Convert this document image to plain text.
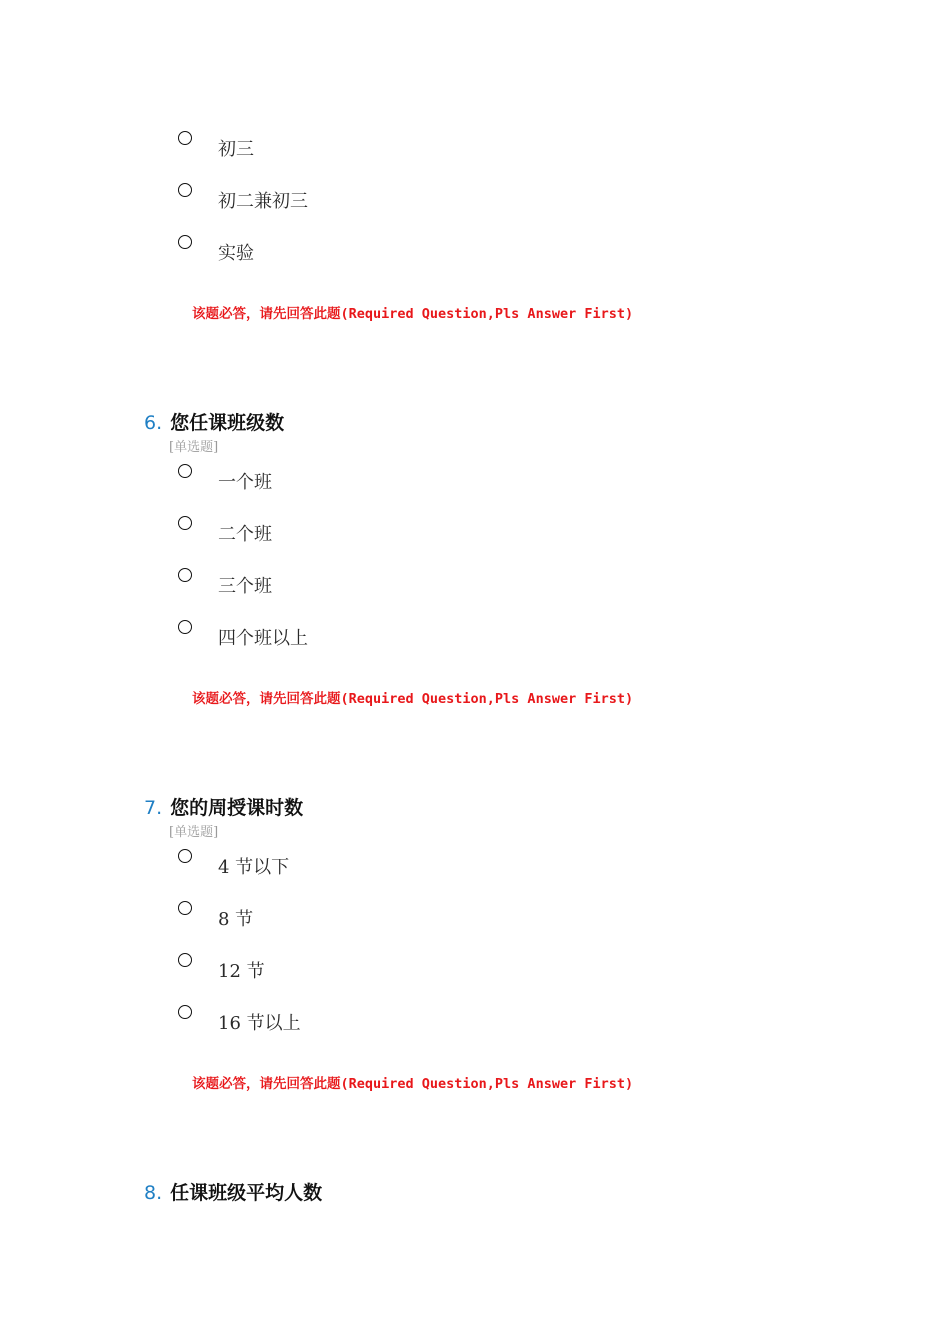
初三
初二兼初三
实验
该题必答，请先回答此题(Required Question,Pls Answer First)
6. 您任课班级数
[单选题]
一个班
二个班
三个班
四个班以上
该题必答，请先回答此题(Required Question,Pls Answer First)
7. 您的周授课时数
[单选题]
4 节以下
8 节
12 节
16 节以上
该题必答，请先回答此题(Required Question,Pls Answer First)
8. 任课班级平均人数
